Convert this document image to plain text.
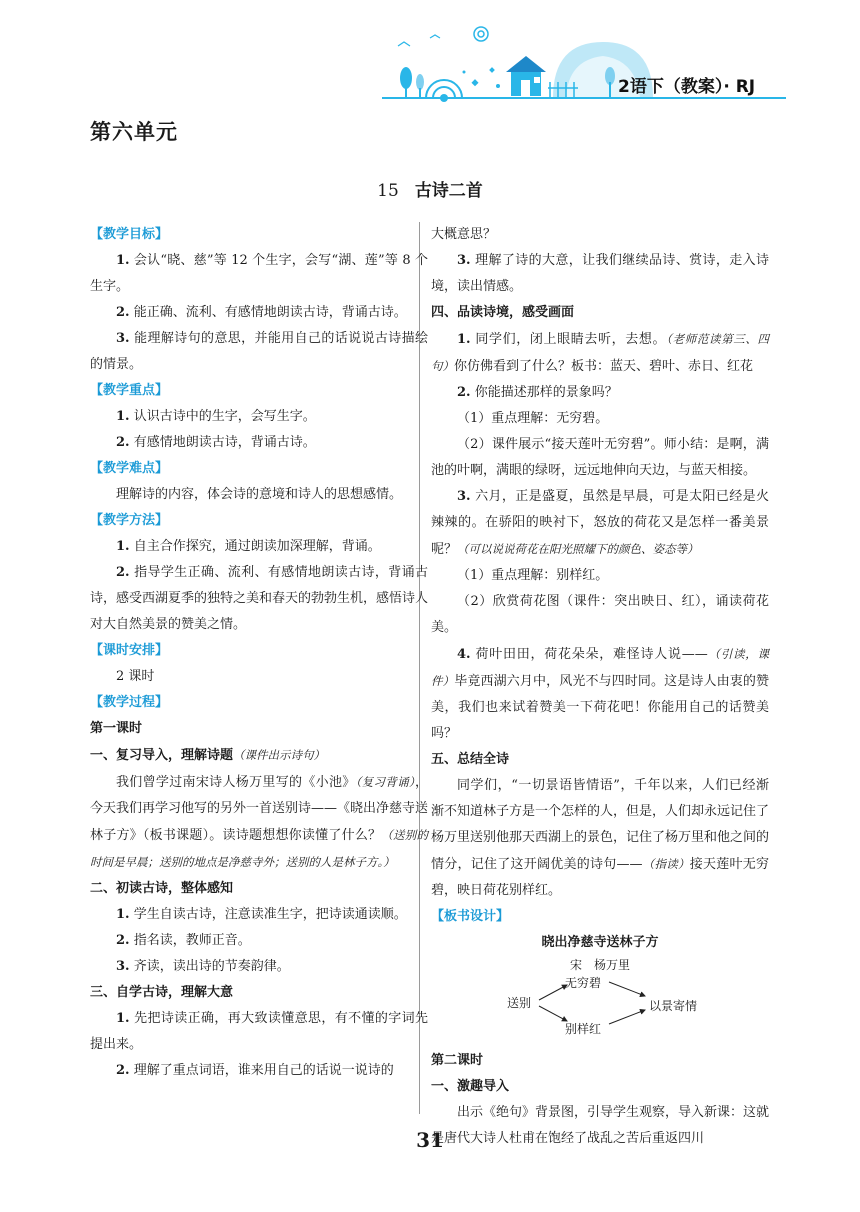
2语下（教案）· RJ
第六单元
15 古诗二首
【教学目标】

1. 会认“晓、慈”等 12 个生字，会写“湖、莲”等 8 个生字。

2. 能正确、流利、有感情地朗读古诗，背诵古诗。

3. 能理解诗句的意思，并能用自己的话说说古诗描绘的情景。

【教学重点】

1. 认识古诗中的生字，会写生字。

2. 有感情地朗读古诗，背诵古诗。

【教学难点】

理解诗的内容，体会诗的意境和诗人的思想感情。

【教学方法】

1. 自主合作探究，通过朗读加深理解，背诵。

2. 指导学生正确、流利、有感情地朗读古诗，背诵古诗，感受西湖夏季的独特之美和春天的勃勃生机，感悟诗人对大自然美景的赞美之情。

【课时安排】

2 课时

【教学过程】

第一课时

一、复习导入，理解诗题（课件出示诗句）

我们曾学过南宋诗人杨万里写的《小池》（复习背诵），今天我们再学习他写的另外一首送别诗——《晓出净慈寺送林子方》（板书课题）。读诗题想想你读懂了什么？（送别的时间是早晨；送别的地点是净慈寺外；送别的人是林子方。）

二、初读古诗，整体感知

1. 学生自读古诗，注意读准生字，把诗读通读顺。

2. 指名读，教师正音。

3. 齐读，读出诗的节奏韵律。

三、自学古诗，理解大意

1. 先把诗读正确，再大致读懂意思，有不懂的字词先提出来。

2. 理解了重点词语，谁来用自己的话说一说诗的

大概意思？

3. 理解了诗的大意，让我们继续品诗、赏诗，走入诗境，读出情感。

四、品读诗境，感受画面

1. 同学们，闭上眼睛去听，去想。（老师范读第三、四句）你仿佛看到了什么？板书：蓝天、碧叶、赤日、红花

2. 你能描述那样的景象吗？

（1）重点理解：无穷碧。

（2）课件展示“接天莲叶无穷碧”。师小结：是啊，满池的叶啊，满眼的绿呀，远远地伸向天边，与蓝天相接。

3. 六月，正是盛夏，虽然是早晨，可是太阳已经是火辣辣的。在骄阳的映衬下，怒放的荷花又是怎样一番美景呢？（可以说说荷花在阳光照耀下的颜色、姿态等）

（1）重点理解：别样红。

（2）欣赏荷花图（课件：突出映日、红），诵读荷花美。

4. 荷叶田田，荷花朵朵，难怪诗人说——（引读，课件）毕竟西湖六月中，风光不与四时同。这是诗人由衷的赞美，我们也来试着赞美一下荷花吧！你能用自己的话赞美吗？

五、总结全诗

同学们，“一切景语皆情语”，千年以来，人们已经渐渐不知道林子方是一个怎样的人，但是，人们却永远记住了杨万里送别他那天西湖上的景色，记住了杨万里和他之间的情分，记住了这开阔优美的诗句——（指读）接天莲叶无穷碧，映日荷花别样红。

【板书设计】
晓出净慈寺送林子方
宋　杨万里
送别
无穷碧
别样红
以景寄情

第二课时

一、激趣导入

出示《绝句》背景图，引导学生观察，导入新课：这就是唐代大诗人杜甫在饱经了战乱之苦后重返四川

31
